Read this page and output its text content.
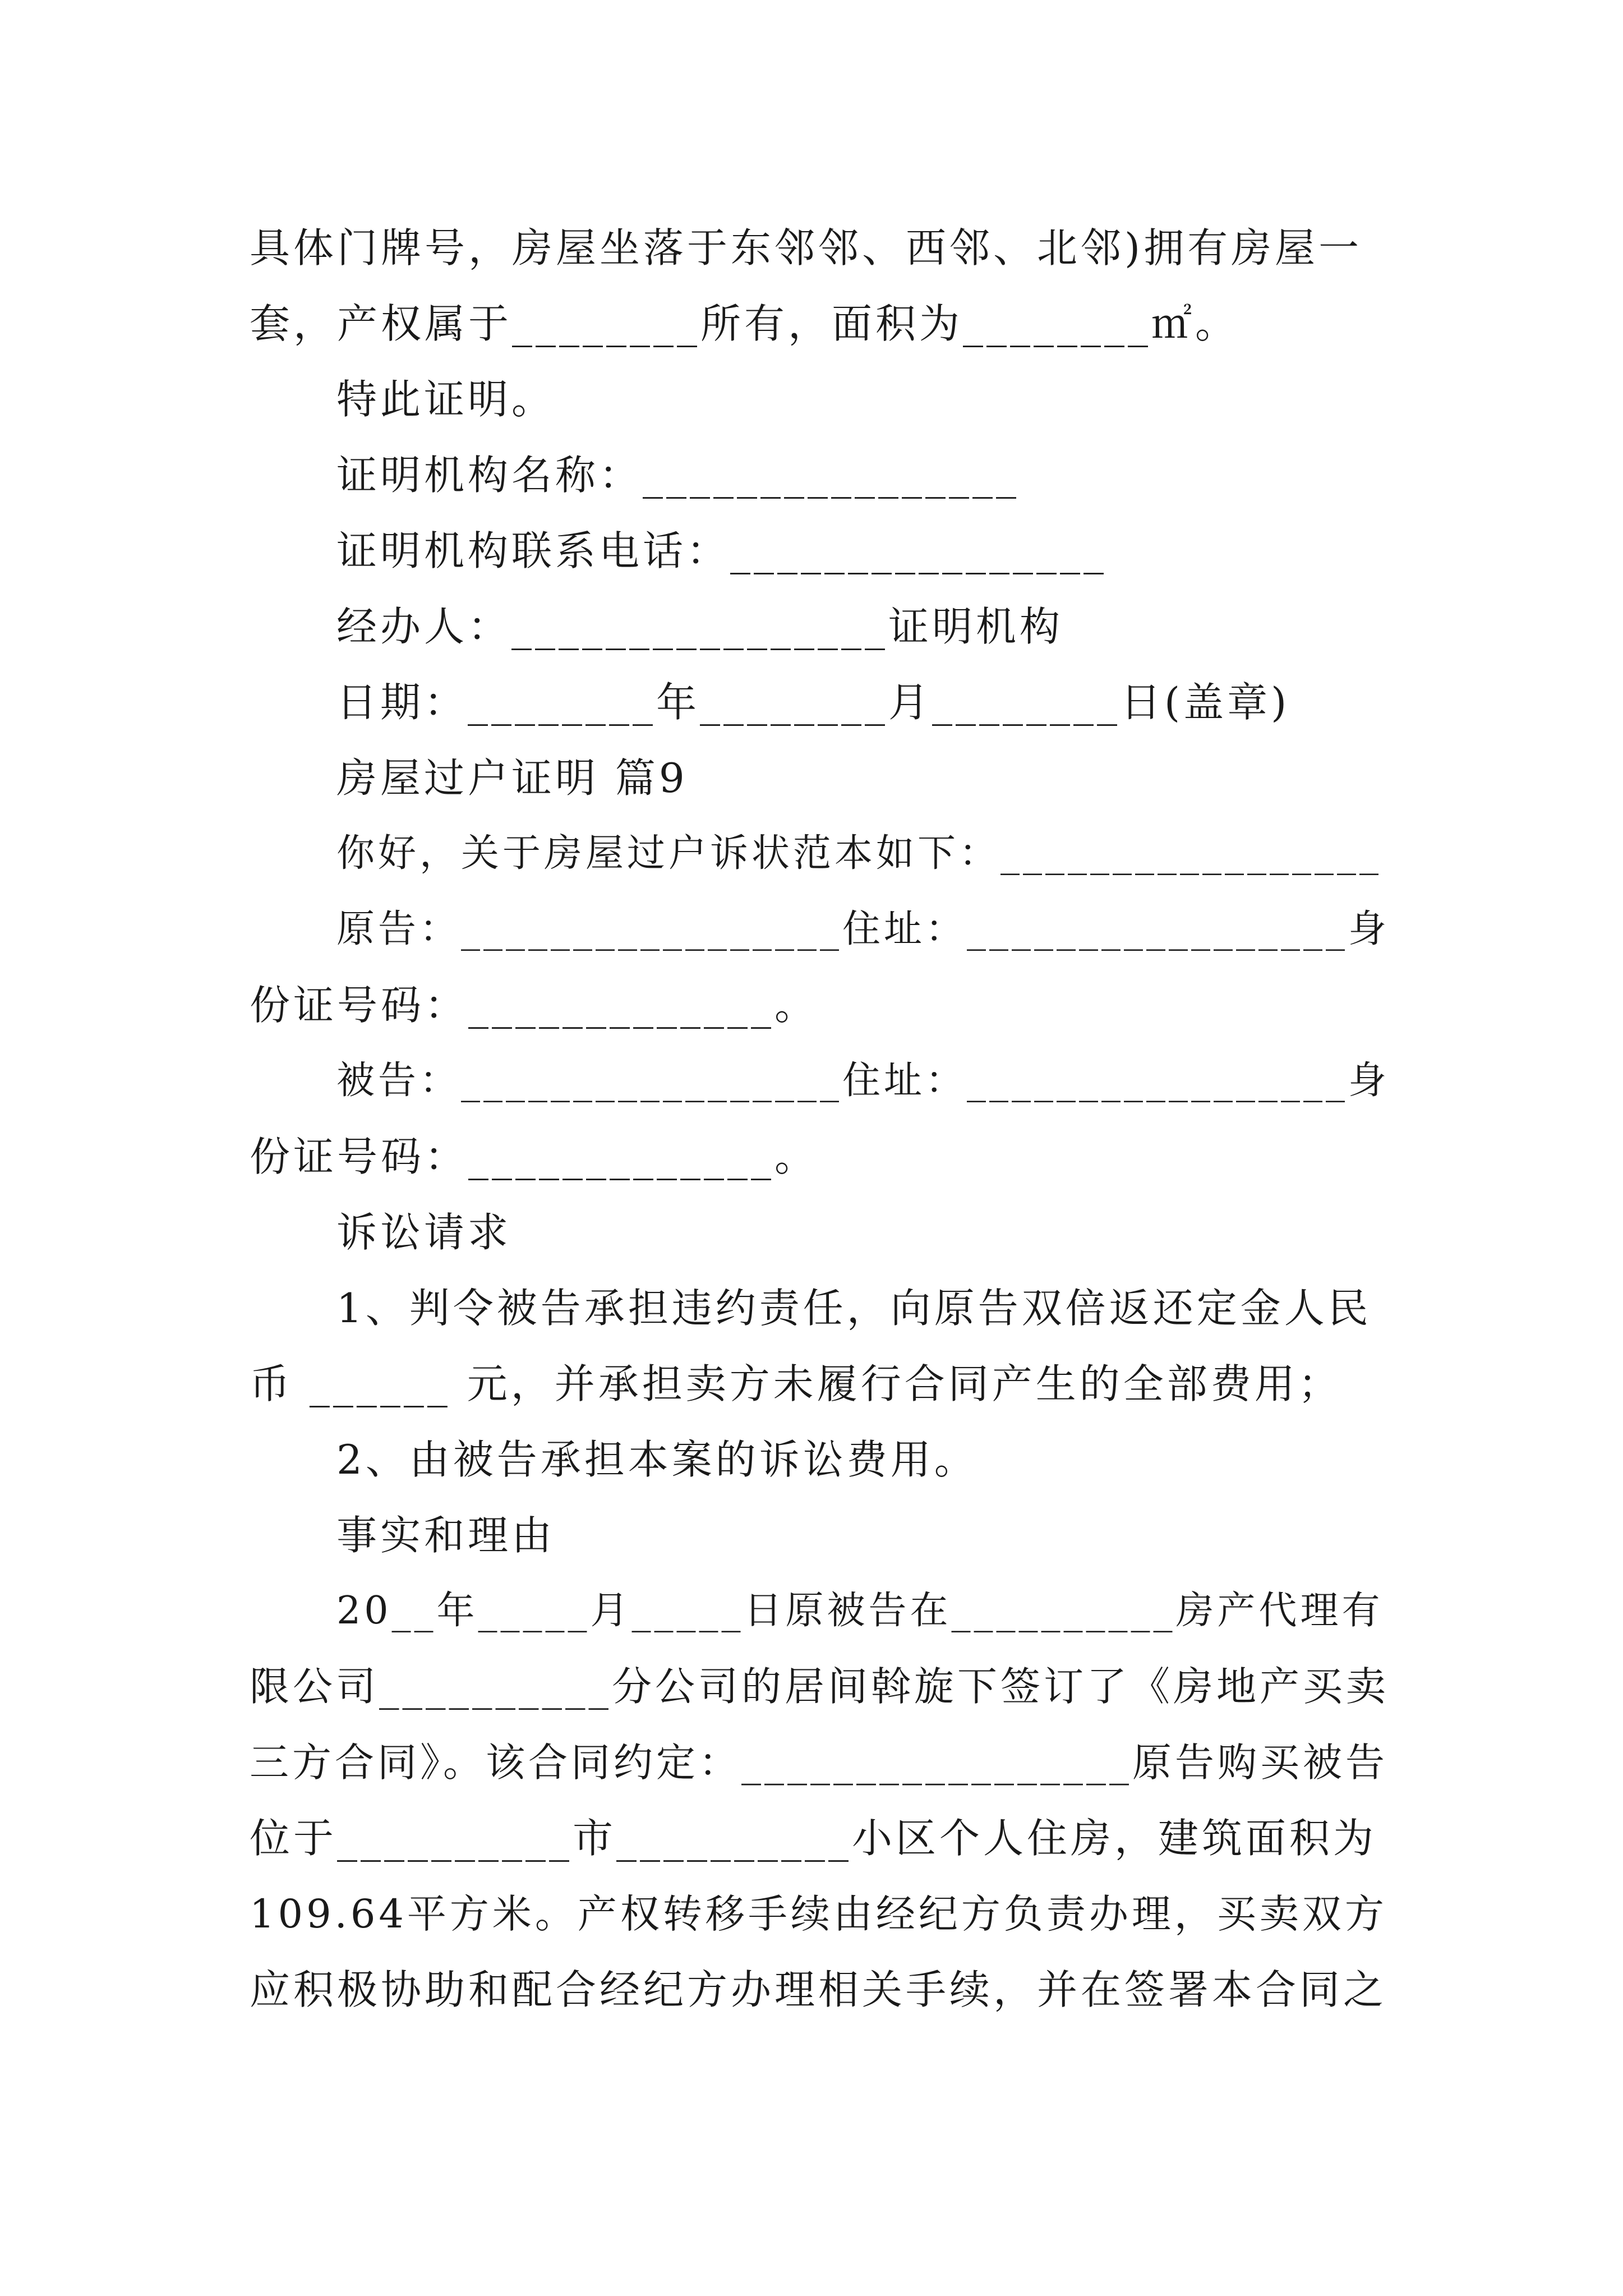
具体门牌号，房屋坐落于东邻邻、西邻、北邻)拥有房屋一
套，产权属于________所有，面积为________㎡。
特此证明。
证明机构名称：________________
证明机构联系电话：________________
经办人：________________证明机构
日期：________年________月________日(盖章)
房屋过户证明 篇9
你好，关于房屋过户诉状范本如下：_________________
原告：_________________住址：_________________身
份证号码：_____________。
被告：_________________住址：_________________身
份证号码：_____________。
诉讼请求
1、判令被告承担违约责任，向原告双倍返还定金人民
币 ______ 元，并承担卖方未履行合同产生的全部费用；
2、由被告承担本案的诉讼费用。
事实和理由
20__年_____月_____日原被告在__________房产代理有
限公司__________分公司的居间斡旋下签订了《房地产买卖
三方合同》。该合同约定：_________________原告购买被告
位于__________市__________小区个人住房，建筑面积为
109.64平方米。产权转移手续由经纪方负责办理，买卖双方
应积极协助和配合经纪方办理相关手续，并在签署本合同之
